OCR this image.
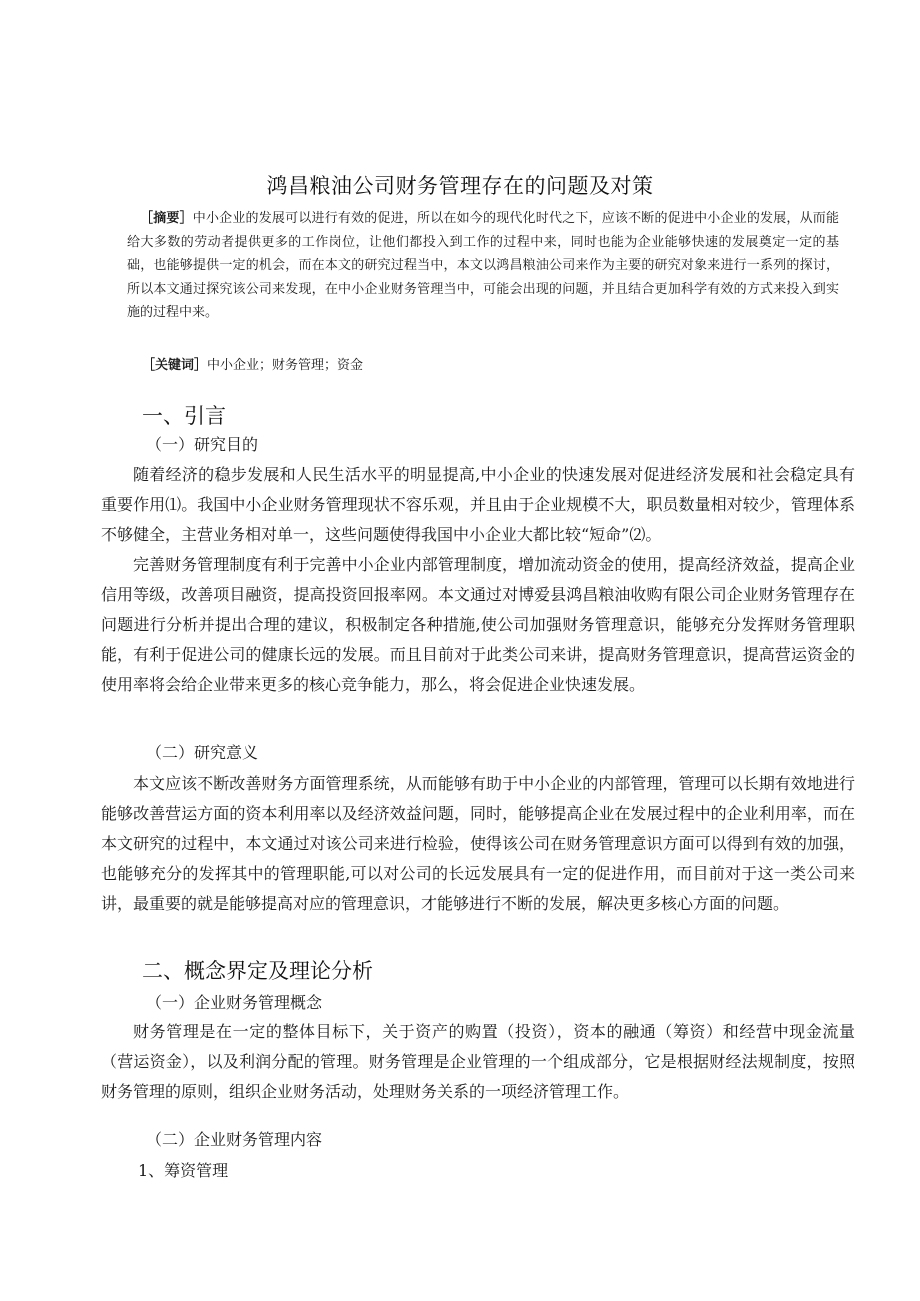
鸿昌粮油公司财务管理存在的问题及对策

［摘要］中小企业的发展可以进行有效的促进，所以在如今的现代化时代之下，应该不断的促进中小企业的发展，从而能给大多数的劳动者提供更多的工作岗位，让他们都投入到工作的过程中来，同时也能为企业能够快速的发展奠定一定的基础，也能够提供一定的机会，而在本文的研究过程当中，本文以鸿昌粮油公司来作为主要的研究对象来进行一系列的探讨，所以本文通过探究该公司来发现，在中小企业财务管理当中，可能会出现的问题，并且结合更加科学有效的方式来投入到实施的过程中来。

［关键词］中小企业；财务管理；资金
一、引言
（一）研究目的

随着经济的稳步发展和人民生活水平的明显提高,中小企业的快速发展对促进经济发展和社会稳定具有重要作用⑴。我国中小企业财务管理现状不容乐观，并且由于企业规模不大，职员数量相对较少，管理体系不够健全，主营业务相对单一，这些问题使得我国中小企业大都比较“短命”⑵。

完善财务管理制度有利于完善中小企业内部管理制度，增加流动资金的使用，提高经济效益，提高企业信用等级，改善项目融资，提高投资回报率网。本文通过对博爱县鸿昌粮油收购有限公司企业财务管理存在问题进行分析并提出合理的建议，积极制定各种措施,使公司加强财务管理意识，能够充分发挥财务管理职能，有利于促进公司的健康长远的发展。而且目前对于此类公司来讲，提高财务管理意识，提高营运资金的使用率将会给企业带来更多的核心竞争能力，那么，将会促进企业快速发展。

（二）研究意义

本文应该不断改善财务方面管理系统，从而能够有助于中小企业的内部管理，管理可以长期有效地进行能够改善营运方面的资本利用率以及经济效益问题，同时，能够提高企业在发展过程中的企业利用率，而在本文研究的过程中，本文通过对该公司来进行检验，使得该公司在财务管理意识方面可以得到有效的加强，也能够充分的发挥其中的管理职能,可以对公司的长远发展具有一定的促进作用，而目前对于这一类公司来讲，最重要的就是能够提高对应的管理意识，才能够进行不断的发展，解决更多核心方面的问题。

二、概念界定及理论分析
（一）企业财务管理概念

财务管理是在一定的整体目标下，关于资产的购置（投资），资本的融通（筹资）和经营中现金流量（营运资金），以及利润分配的管理。财务管理是企业管理的一个组成部分，它是根据财经法规制度，按照财务管理的原则，组织企业财务活动，处理财务关系的一项经济管理工作。

（二）企业财务管理内容
1、筹资管理
